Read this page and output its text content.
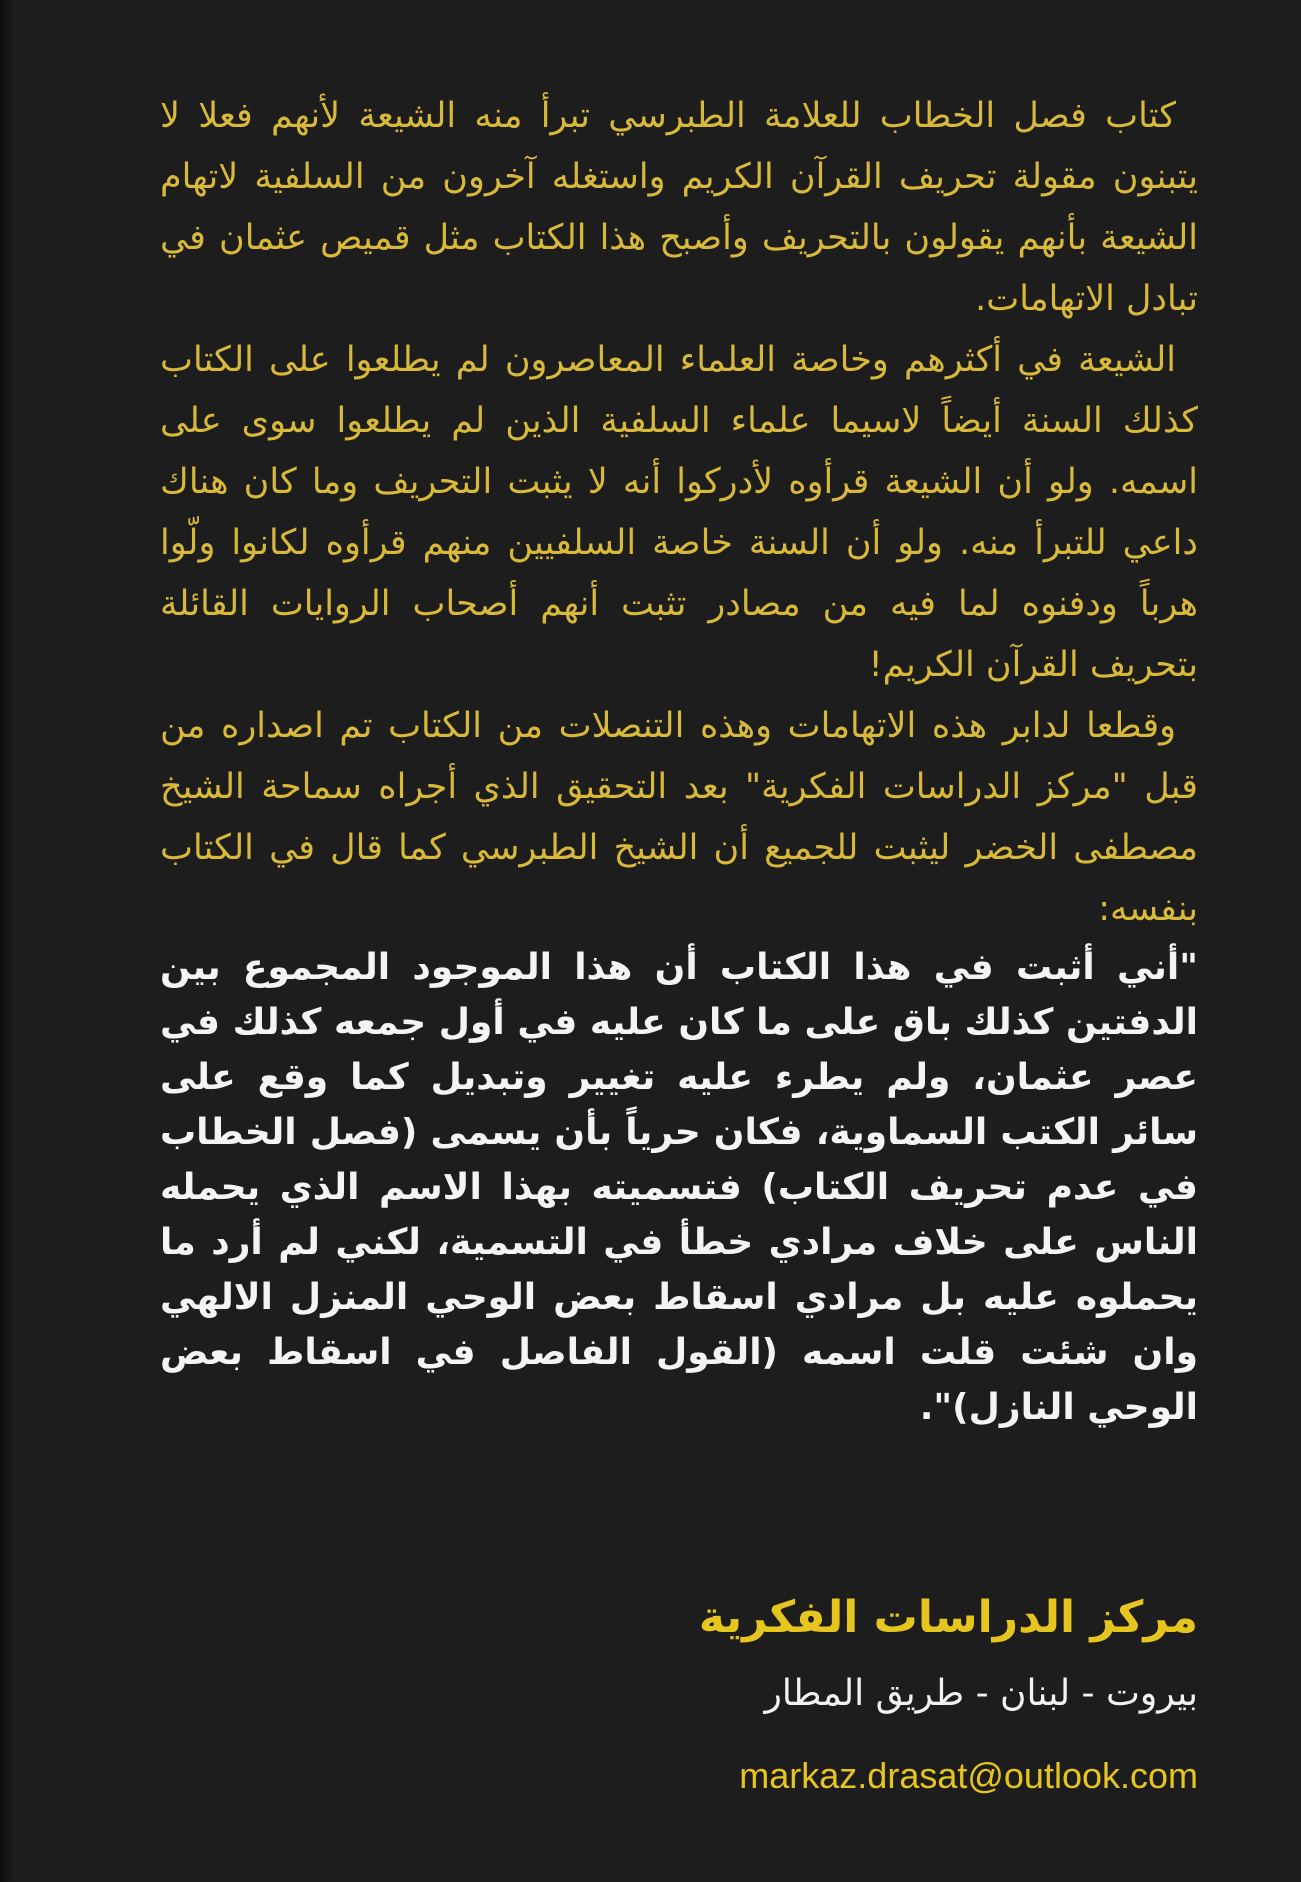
كتاب فصل الخطاب للعلامة الطبرسي تبرأ منه الشيعة لأنهم فعلا لا يتبنون مقولة تحريف القرآن الكريم واستغله آخرون من السلفية لاتهام الشيعة بأنهم يقولون بالتحريف وأصبح هذا الكتاب مثل قميص عثمان في تبادل الاتهامات.

الشيعة في أكثرهم وخاصة العلماء المعاصرون لم يطلعوا على الكتاب كذلك السنة أيضاً لاسيما علماء السلفية الذين لم يطلعوا سوى على اسمه. ولو أن الشيعة قرأوه لأدركوا أنه لا يثبت التحريف وما كان هناك داعي للتبرأ منه. ولو أن السنة خاصة السلفيين منهم قرأوه لكانوا ولّوا هرباً ودفنوه لما فيه من مصادر تثبت أنهم أصحاب الروايات القائلة بتحريف القرآن الكريم!

وقطعا لدابر هذه الاتهامات وهذه التنصلات من الكتاب تم اصداره من قبل "مركز الدراسات الفكرية" بعد التحقيق الذي أجراه سماحة الشيخ مصطفى الخضر ليثبت للجميع أن الشيخ الطبرسي كما قال في الكتاب بنفسه:

"أني أثبت في هذا الكتاب أن هذا الموجود المجموع بين الدفتين كذلك باق على ما كان عليه في أول جمعه كذلك في عصر عثمان، ولم يطرء عليه تغيير وتبديل كما وقع على سائر الكتب السماوية، فكان حرياً بأن يسمى (فصل الخطاب في عدم تحريف الكتاب) فتسميته بهذا الاسم الذي يحمله الناس على خلاف مرادي خطأ في التسمية، لكني لم أرد ما يحملوه عليه بل مرادي اسقاط بعض الوحي المنزل الالهي وان شئت قلت اسمه (القول الفاصل في اسقاط بعض الوحي النازل)".

مركز الدراسات الفكرية

بيروت - لبنان - طريق المطار

markaz.drasat@outlook.com
